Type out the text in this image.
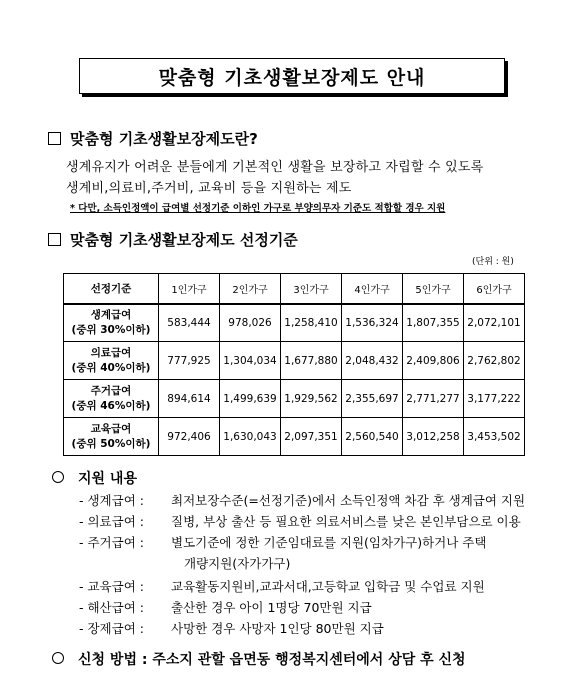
맞춤형 기초생활보장제도 안내
맞춤형 기초생활보장제도란?
생계유지가 어려운 분들에게 기본적인 생활을 보장하고 자립할 수 있도록
생계비,의료비,주거비, 교육비 등을 지원하는 제도
* 다만, 소득인정액이 급여별 선정기준 이하인 가구로 부양의무자 기준도 적합할 경우 지원
맞춤형 기초생활보장제도 선정기준
(단위 : 원)
선정기준	1인가구	2인가구	3인가구	4인가구	5인가구	6인가구
생계급여
(중위 30%이하)	583,444	978,026	1,258,410	1,536,324	1,807,355	2,072,101
의료급여
(중위 40%이하)	777,925	1,304,034	1,677,880	2,048,432	2,409,806	2,762,802
주거급여
(중위 46%이하)	894,614	1,499,639	1,929,562	2,355,697	2,771,277	3,177,222
교육급여
(중위 50%이하)	972,406	1,630,043	2,097,351	2,560,540	3,012,258	3,453,502
지원 내용
- 생계급여 : 최저보장수준(=선정기준)에서 소득인정액 차감 후 생계급여 지원
- 의료급여 : 질병, 부상 출산 등 필요한 의료서비스를 낮은 본인부담으로 이용
- 주거급여 : 별도기준에 정한 기준임대료를 지원(임차가구)하거나 주택
개량지원(자가가구)
- 교육급여 : 교육활동지원비,교과서대,고등학교 입학금 및 수업료 지원
- 해산급여 : 출산한 경우 아이 1명당 70만원 지급
- 장제급여 : 사망한 경우 사망자 1인당 80만원 지급
신청 방법 : 주소지 관할 읍면동 행정복지센터에서 상담 후 신청
